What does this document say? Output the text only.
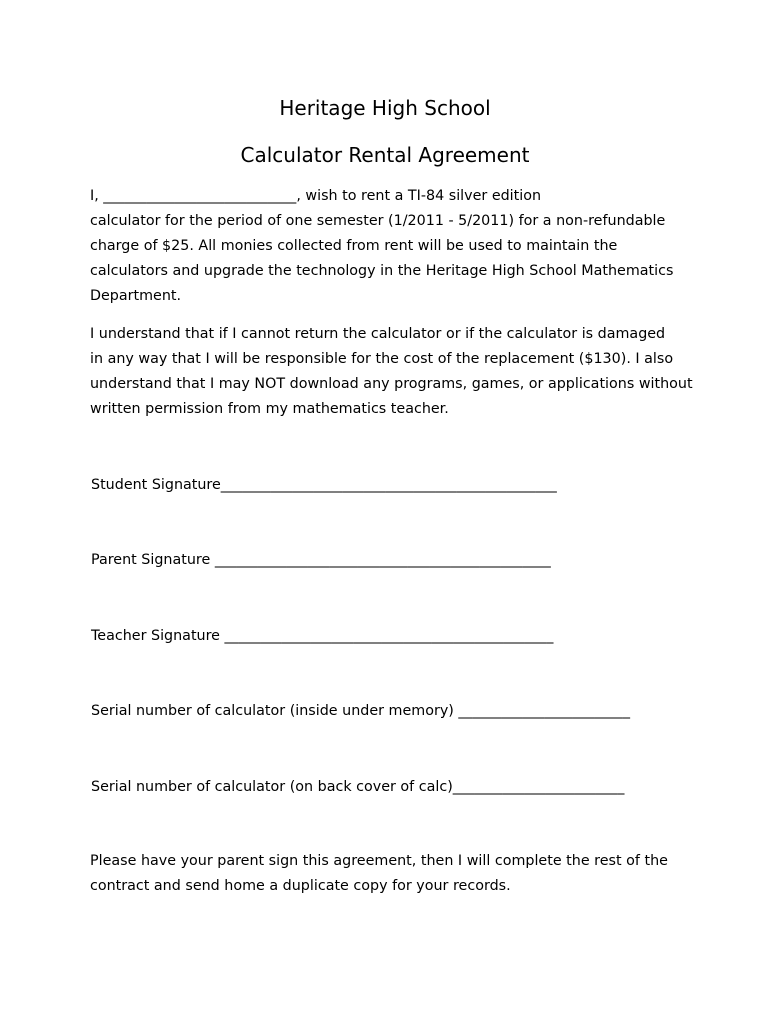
Heritage High School
Calculator Rental Agreement
I, ___________________________, wish to rent a TI-84 silver edition
calculator for the period of one semester (1/2011 - 5/2011) for a non-refundable
charge of $25. All monies collected from rent will be used to maintain the
calculators and upgrade the technology in the Heritage High School Mathematics
Department.
I understand that if I cannot return the calculator or if the calculator is damaged
in any way that I will be responsible for the cost of the replacement ($130). I also
understand that I may NOT download any programs, games, or applications without
written permission from my mathematics teacher.
Student Signature_______________________________________________
Parent Signature _______________________________________________
Teacher Signature ______________________________________________
Serial number of calculator (inside under memory) ________________________
Serial number of calculator (on back cover of calc)________________________
Please have your parent sign this agreement, then I will complete the rest of the
contract and send home a duplicate copy for your records.
